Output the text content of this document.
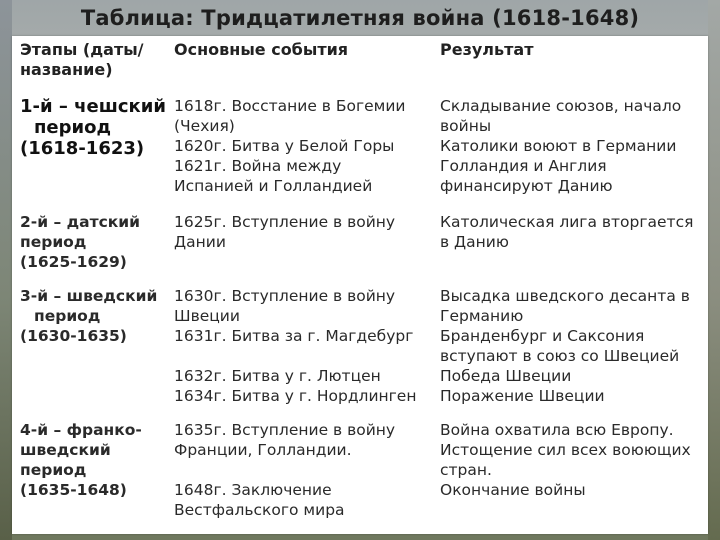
Таблица: Тридцатилетняя война (1618-1648)
Этапы (даты/
название)
Основные события	Результат
1-й – чешский
период
(1618-1623)
1618г. Восстание в Богемии
(Чехия)
1620г. Битва у Белой Горы
1621г. Война между
Испанией и Голландией
Складывание союзов, начало
войны
Католики воюют в Германии
Голландия и Англия
финансируют Данию
2-й – датский
период
(1625-1629)
1625г. Вступление в войну
Дании
Католическая лига вторгается
в Данию
3-й – шведский
период
(1630-1635)
1630г. Вступление в войну
Швеции
1631г. Битва за г. Магдебург
1632г. Битва у г. Лютцен
1634г. Битва у г. Нордлинген
Высадка шведского десанта в
Германию
Бранденбург и Саксония
вступают в союз со Швецией
Победа Швеции
Поражение Швеции
4-й – франко-
шведский
период
(1635-1648)
1635г. Вступление в войну
Франции, Голландии.
1648г. Заключение
Вестфальского мира
Война охватила всю Европу.
Истощение сил всех воюющих
стран.
Окончание войны
